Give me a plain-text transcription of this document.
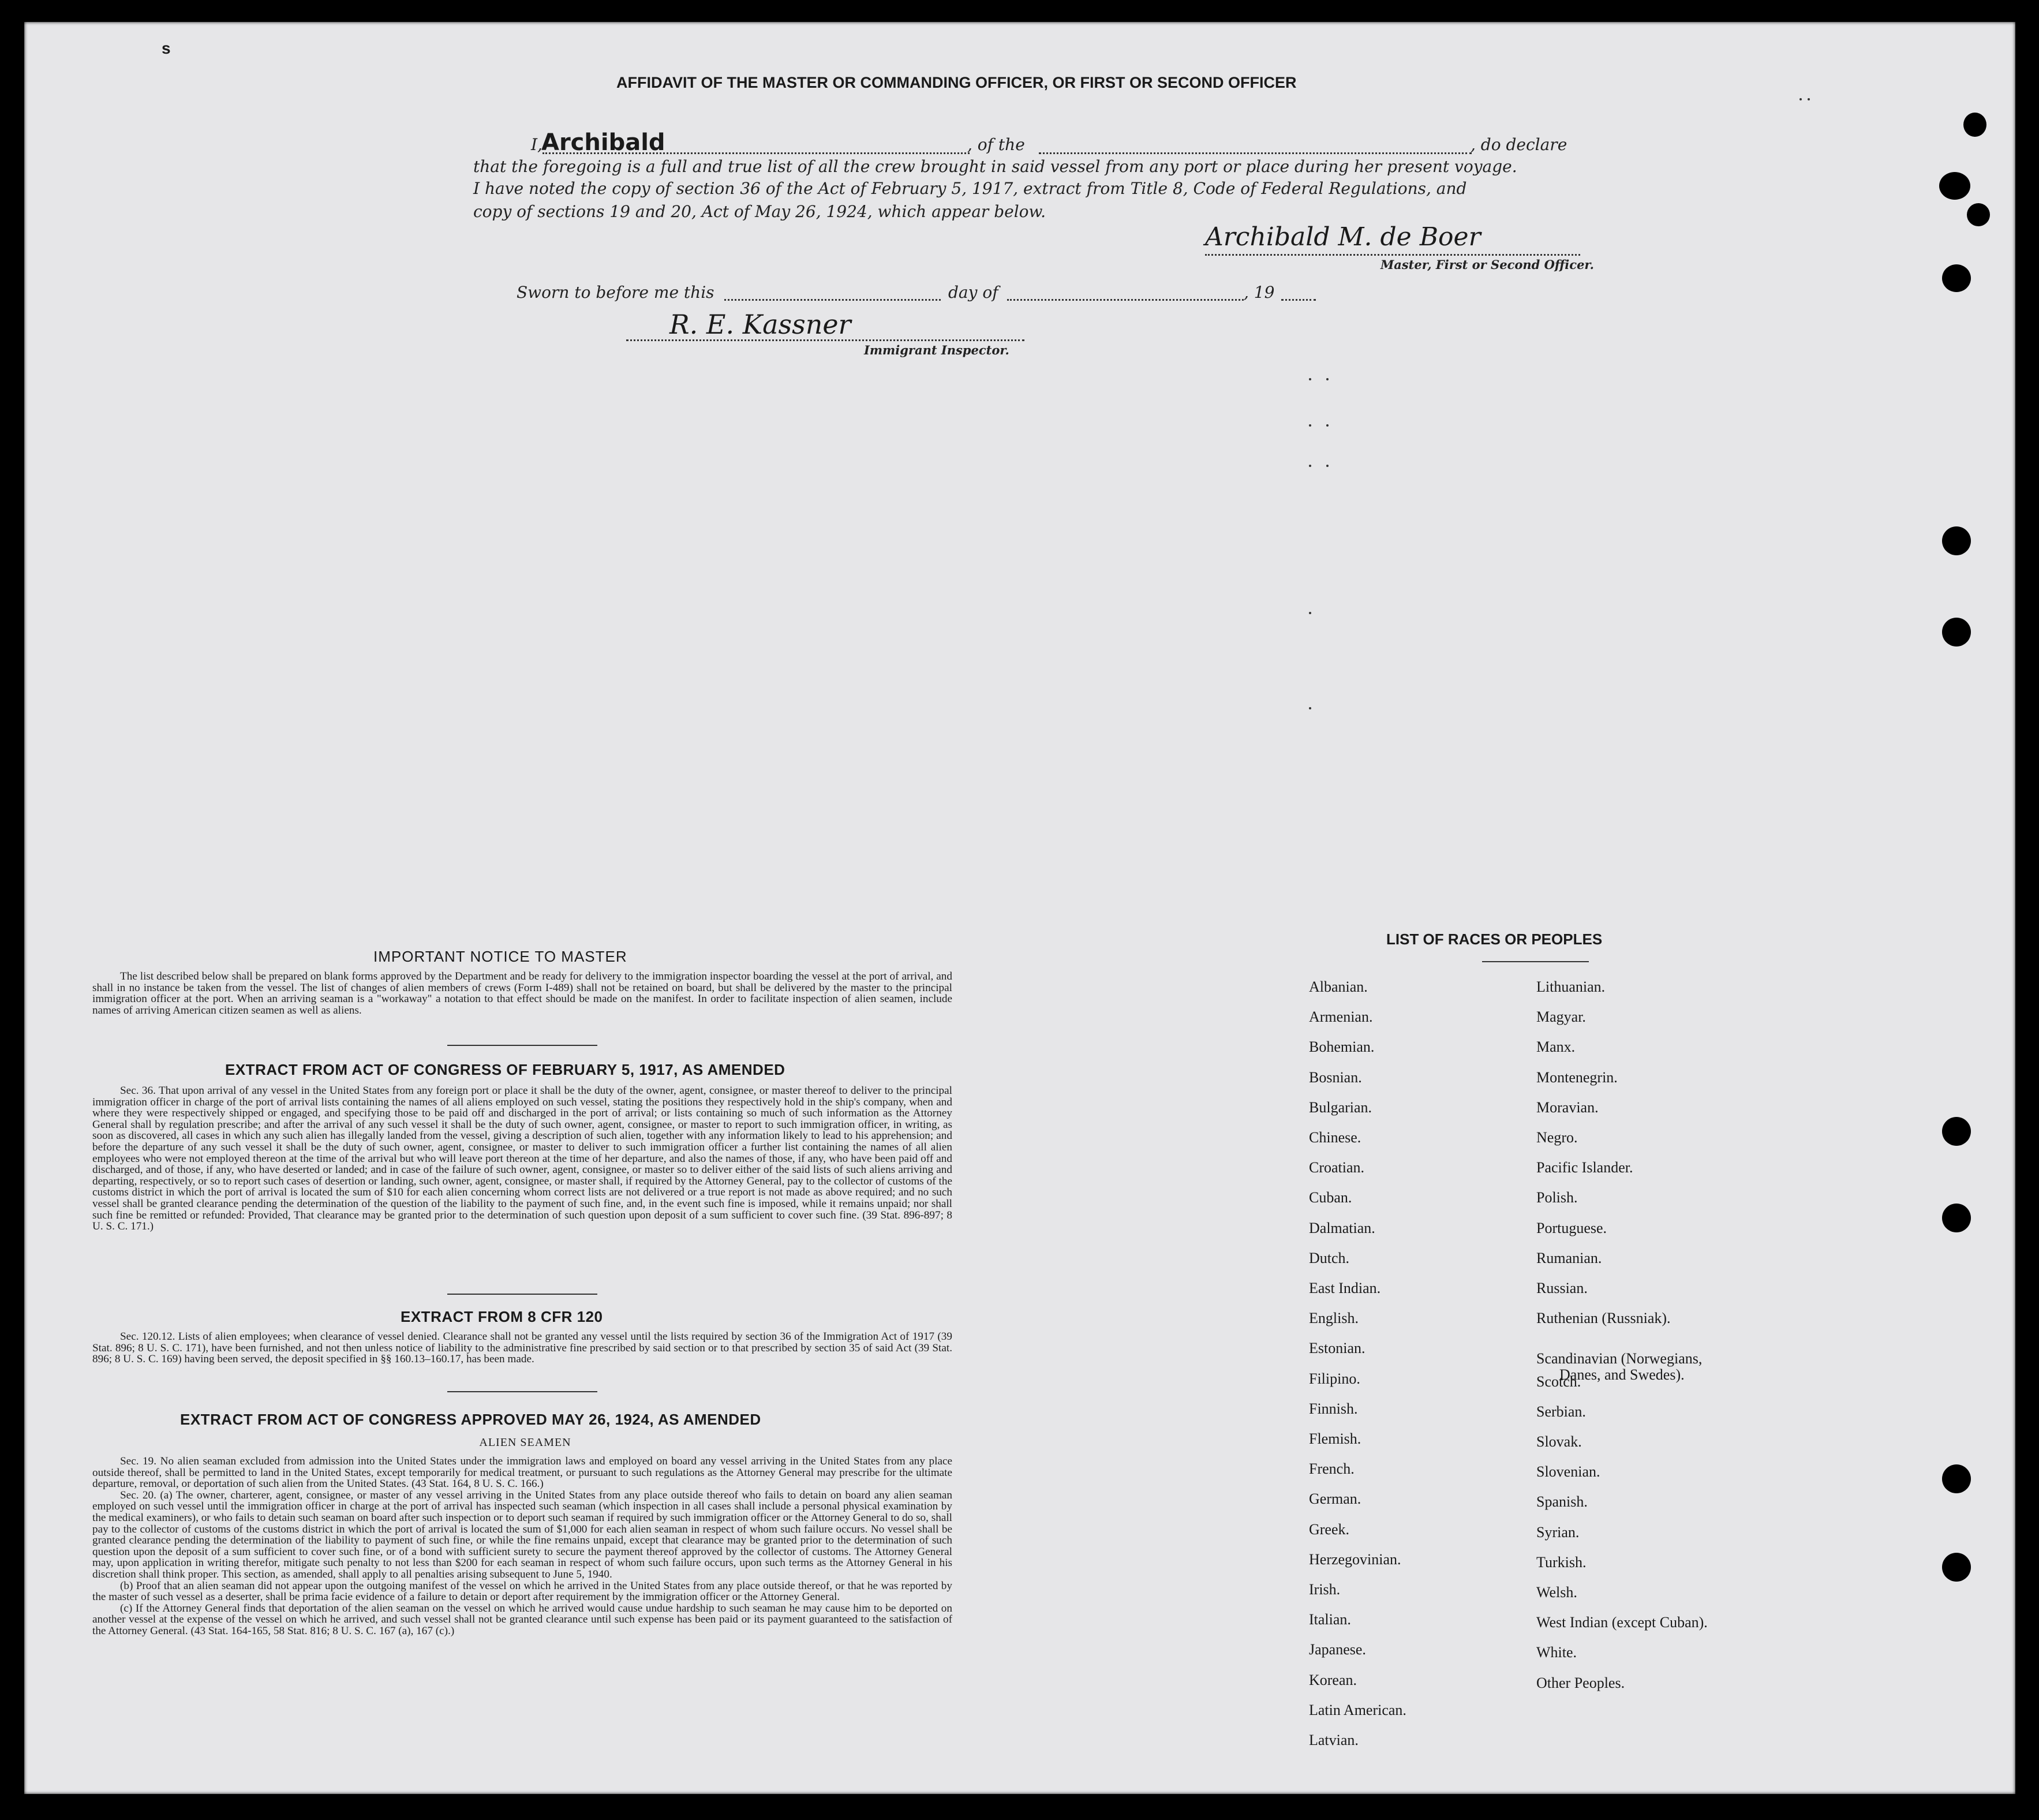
s
AFFIDAVIT OF THE MASTER OR COMMANDING OFFICER, OR FIRST OR SECOND OFFICER
I,
Archibald	, of the	, do declare
that the foregoing is a full and true list of all the crew brought in said vessel from any port or place during her present voyage.
I have noted the copy of section 36 of the Act of February 5, 1917, extract from Title 8, Code of Federal Regulations, and
copy of sections 19 and 20, Act of May 26, 1924, which appear below.
Archibald M. de Boer
Master, First or Second Officer.
Sworn to before me this	day of	, 19
R. E. Kassner
Immigrant Inspector.
IMPORTANT NOTICE TO MASTER

The list described below shall be prepared on blank forms approved by the Department and be ready for delivery to the immigration inspector boarding the vessel at the port of arrival, and shall in no instance be taken from the vessel. The list of changes of alien members of crews (Form I-489) shall not be retained on board, but shall be delivered by the master to the principal immigration officer at the port. When an arriving seaman is a "workaway" a notation to that effect should be made on the manifest. In order to facilitate inspection of alien seamen, include names of arriving American citizen seamen as well as aliens.

EXTRACT FROM ACT OF CONGRESS OF FEBRUARY 5, 1917, AS AMENDED

Sec. 36. That upon arrival of any vessel in the United States from any foreign port or place it shall be the duty of the owner, agent, consignee, or master thereof to deliver to the principal immigration officer in charge of the port of arrival lists containing the names of all aliens employed on such vessel, stating the positions they respectively hold in the ship's company, when and where they were respectively shipped or engaged, and specifying those to be paid off and discharged in the port of arrival; or lists containing so much of such information as the Attorney General shall by regulation prescribe; and after the arrival of any such vessel it shall be the duty of such owner, agent, consignee, or master to report to such immigration officer, in writing, as soon as discovered, all cases in which any such alien has illegally landed from the vessel, giving a description of such alien, together with any information likely to lead to his apprehension; and before the departure of any such vessel it shall be the duty of such owner, agent, consignee, or master to deliver to such immigration officer a further list containing the names of all alien employees who were not employed thereon at the time of the arrival but who will leave port thereon at the time of her departure, and also the names of those, if any, who have been paid off and discharged, and of those, if any, who have deserted or landed; and in case of the failure of such owner, agent, consignee, or master so to deliver either of the said lists of such aliens arriving and departing, respectively, or so to report such cases of desertion or landing, such owner, agent, consignee, or master shall, if required by the Attorney General, pay to the collector of customs of the customs district in which the port of arrival is located the sum of $10 for each alien concerning whom correct lists are not delivered or a true report is not made as above required; and no such vessel shall be granted clearance pending the determination of the question of the liability to the payment of such fine, and, in the event such fine is imposed, while it remains unpaid; nor shall such fine be remitted or refunded: Provided, That clearance may be granted prior to the determination of such question upon deposit of a sum sufficient to cover such fine. (39 Stat. 896-897; 8 U. S. C. 171.)

EXTRACT FROM 8 CFR 120

Sec. 120.12. Lists of alien employees; when clearance of vessel denied. Clearance shall not be granted any vessel until the lists required by section 36 of the Immigration Act of 1917 (39 Stat. 896; 8 U. S. C. 171), have been furnished, and not then unless notice of liability to the administrative fine prescribed by said section or to that prescribed by section 35 of said Act (39 Stat. 896; 8 U. S. C. 169) having been served, the deposit specified in §§ 160.13–160.17, has been made.

EXTRACT FROM ACT OF CONGRESS APPROVED MAY 26, 1924, AS AMENDED
ALIEN SEAMEN

Sec. 19. No alien seaman excluded from admission into the United States under the immigration laws and employed on board any vessel arriving in the United States from any place outside thereof, shall be permitted to land in the United States, except temporarily for medical treatment, or pursuant to such regulations as the Attorney General may prescribe for the ultimate departure, removal, or deportation of such alien from the United States. (43 Stat. 164, 8 U. S. C. 166.)

Sec. 20. (a) The owner, charterer, agent, consignee, or master of any vessel arriving in the United States from any place outside thereof who fails to detain on board any alien seaman employed on such vessel until the immigration officer in charge at the port of arrival has inspected such seaman (which inspection in all cases shall include a personal physical examination by the medical examiners), or who fails to detain such seaman on board after such inspection or to deport such seaman if required by such immigration officer or the Attorney General to do so, shall pay to the collector of customs of the customs district in which the port of arrival is located the sum of $1,000 for each alien seaman in respect of whom such failure occurs. No vessel shall be granted clearance pending the determination of the liability to payment of such fine, or while the fine remains unpaid, except that clearance may be granted prior to the determination of such question upon the deposit of a sum sufficient to cover such fine, or of a bond with sufficient surety to secure the payment thereof approved by the collector of customs. The Attorney General may, upon application in writing therefor, mitigate such penalty to not less than $200 for each seaman in respect of whom such failure occurs, upon such terms as the Attorney General in his discretion shall think proper. This section, as amended, shall apply to all penalties arising subsequent to June 5, 1940.

(b) Proof that an alien seaman did not appear upon the outgoing manifest of the vessel on which he arrived in the United States from any place outside thereof, or that he was reported by the master of such vessel as a deserter, shall be prima facie evidence of a failure to detain or deport after requirement by the immigration officer or the Attorney General.

(c) If the Attorney General finds that deportation of the alien seaman on the vessel on which he arrived would cause undue hardship to such seaman he may cause him to be deported on another vessel at the expense of the vessel on which he arrived, and such vessel shall not be granted clearance until such expense has been paid or its payment guaranteed to the satisfaction of the Attorney General. (43 Stat. 164-165, 58 Stat. 816; 8 U. S. C. 167 (a), 167 (c).)

LIST OF RACES OR PEOPLES
Albanian.
Armenian.
Bohemian.
Bosnian.
Bulgarian.
Chinese.
Croatian.
Cuban.
Dalmatian.
Dutch.
East Indian.
English.
Estonian.
Filipino.
Finnish.
Flemish.
French.
German.
Greek.
Herzegovinian.
Irish.
Italian.
Japanese.
Korean.
Latin American.
Latvian.
Lithuanian.
Magyar.
Manx.
Montenegrin.
Moravian.
Negro.
Pacific Islander.
Polish.
Portuguese.
Rumanian.
Russian.
Ruthenian (Russniak).
Scandinavian (Norwegians,
Danes, and Swedes).
Scotch.
Serbian.
Slovak.
Slovenian.
Spanish.
Syrian.
Turkish.
Welsh.
West Indian (except Cuban).
White.
Other Peoples.
